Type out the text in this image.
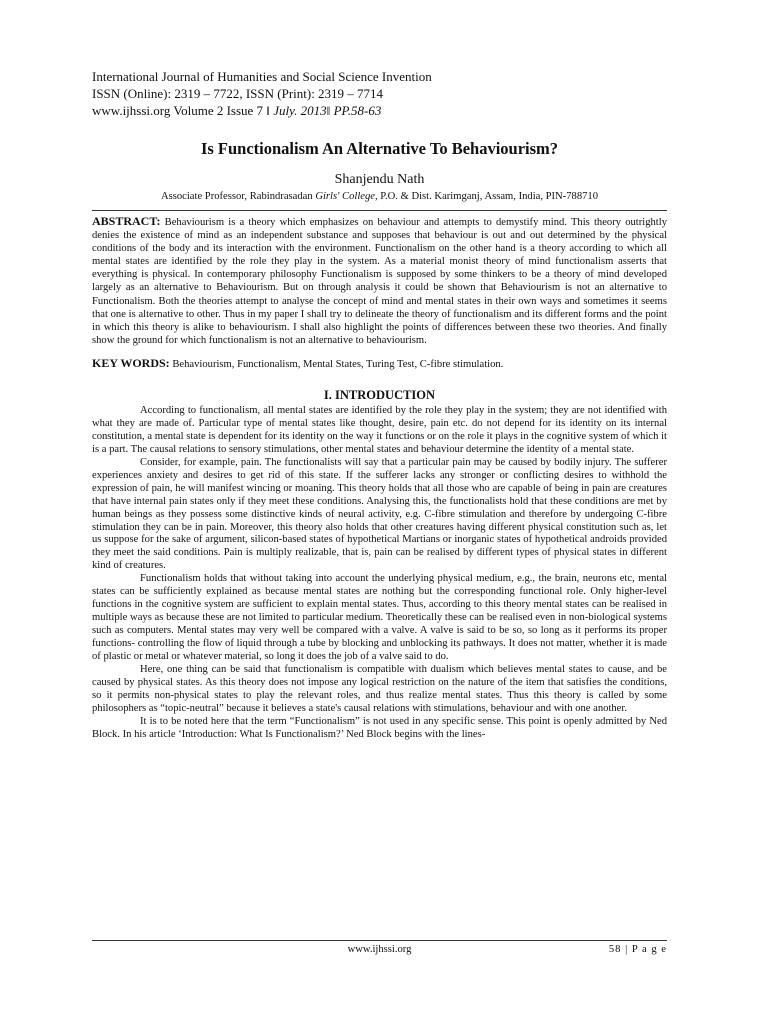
International Journal of Humanities and Social Science Invention
ISSN (Online): 2319 – 7722, ISSN (Print): 2319 – 7714
www.ijhssi.org Volume 2 Issue 7 ǁ July. 2013ǁ PP.58-63
Is Functionalism An Alternative To Behaviourism?
Shanjendu Nath
Associate Professor, Rabindrasadan Girls' College, P.O. & Dist. Karimganj, Assam, India, PIN-788710
ABSTRACT: Behaviourism is a theory which emphasizes on behaviour and attempts to demystify mind. This theory outrightly denies the existence of mind as an independent substance and supposes that behaviour is out and out determined by the physical conditions of the body and its interaction with the environment. Functionalism on the other hand is a theory according to which all mental states are identified by the role they play in the system. As a material monist theory of mind functionalism asserts that everything is physical. In contemporary philosophy Functionalism is supposed by some thinkers to be a theory of mind developed largely as an alternative to Behaviourism. But on through analysis it could be shown that Behaviourism is not an alternative to Functionalism. Both the theories attempt to analyse the concept of mind and mental states in their own ways and sometimes it seems that one is alternative to other. Thus in my paper I shall try to delineate the theory of functionalism and its different forms and the point in which this theory is alike to behaviourism. I shall also highlight the points of differences between these two theories. And finally show the ground for which functionalism is not an alternative to behaviourism.
KEY WORDS: Behaviourism, Functionalism, Mental States, Turing Test, C-fibre stimulation.
I. INTRODUCTION

According to functionalism, all mental states are identified by the role they play in the system; they are not identified with what they are made of. Particular type of mental states like thought, desire, pain etc. do not depend for its identity on its internal constitution, a mental state is dependent for its identity on the way it functions or on the role it plays in the cognitive system of which it is a part. The causal relations to sensory stimulations, other mental states and behaviour determine the identity of a mental state.

Consider, for example, pain. The functionalists will say that a particular pain may be caused by bodily injury. The sufferer experiences anxiety and desires to get rid of this state. If the sufferer lacks any stronger or conflicting desires to withhold the expression of pain, he will manifest wincing or moaning. This theory holds that all those who are capable of being in pain are creatures that have internal pain states only if they meet these conditions. Analysing this, the functionalists hold that these conditions are met by human beings as they possess some distinctive kinds of neural activity, e.g. C-fibre stimulation and therefore by undergoing C-fibre stimulation they can be in pain. Moreover, this theory also holds that other creatures having different physical constitution such as, let us suppose for the sake of argument, silicon-based states of hypothetical Martians or inorganic states of hypothetical androids provided they meet the said conditions. Pain is multiply realizable, that is, pain can be realised by different types of physical states in different kind of creatures.

Functionalism holds that without taking into account the underlying physical medium, e.g., the brain, neurons etc, mental states can be sufficiently explained as because mental states are nothing but the corresponding functional role. Only higher-level functions in the cognitive system are sufficient to explain mental states. Thus, according to this theory mental states can be realised in multiple ways as because these are not limited to particular medium. Theoretically these can be realised even in non-biological systems such as computers. Mental states may very well be compared with a valve. A valve is said to be so, so long as it performs its proper functions- controlling the flow of liquid through a tube by blocking and unblocking its pathways. It does not matter, whether it is made of plastic or metal or whatever material, so long it does the job of a valve said to do.

Here, one thing can be said that functionalism is compatible with dualism which believes mental states to cause, and be caused by physical states. As this theory does not impose any logical restriction on the nature of the item that satisfies the conditions, so it permits non-physical states to play the relevant roles, and thus realize mental states. Thus this theory is called by some philosophers as “topic-neutral” because it believes a state's causal relations with stimulations, behaviour and with one another.

It is to be noted here that the term “Functionalism” is not used in any specific sense. This point is openly admitted by Ned Block. In his article ‘Introduction: What Is Functionalism?’ Ned Block begins with the lines-

www.ijhssi.org	58 | P a g e
